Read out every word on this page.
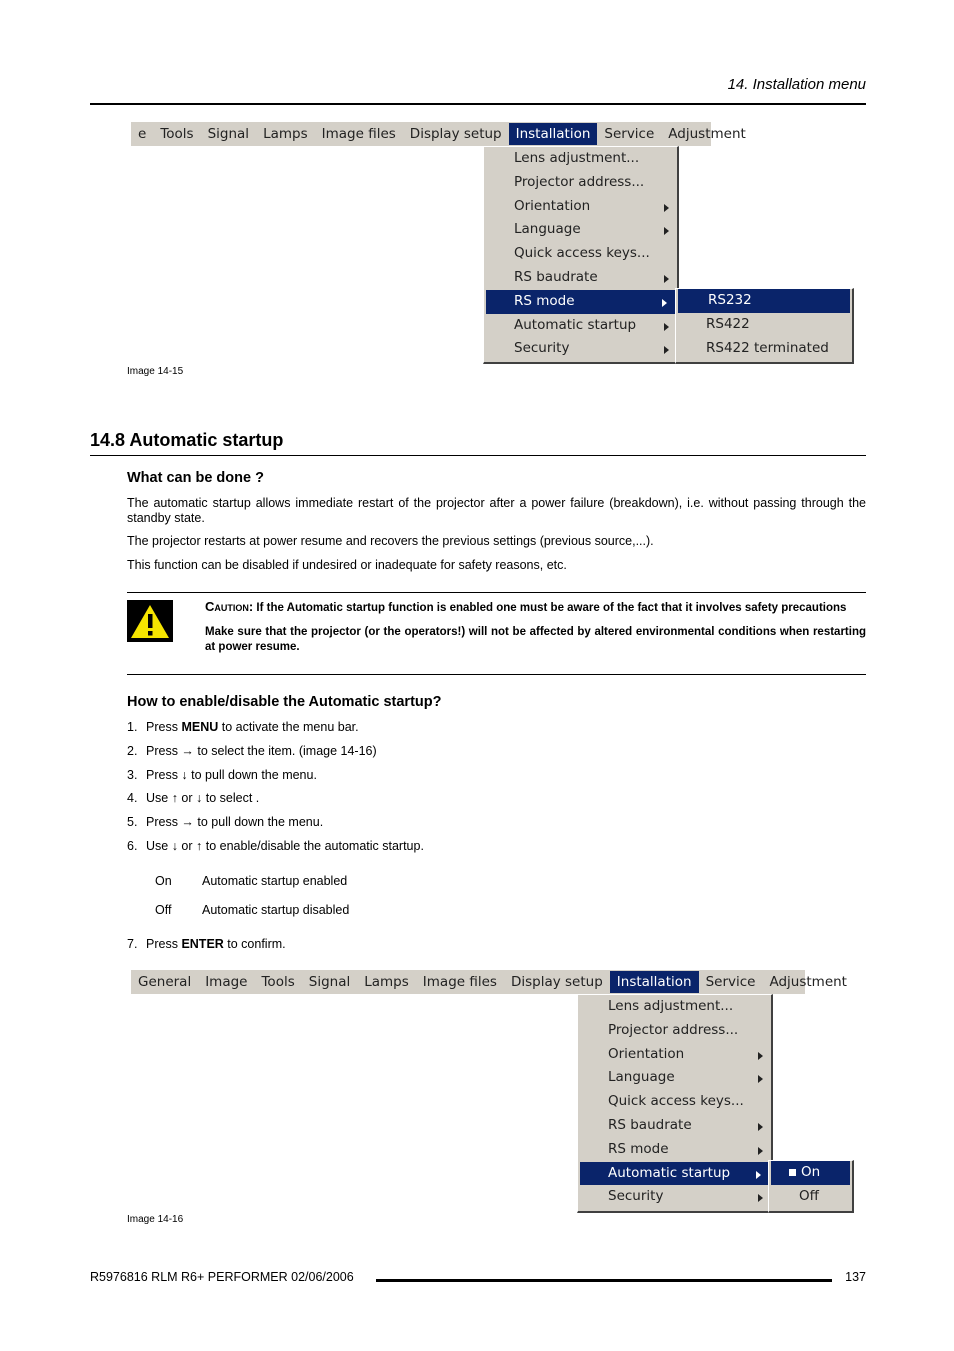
14. Installation menu
e	Tools	Signal	Lamps	Image files	Display setup	Installation	Service	Adjustment
Lens adjustment...
Projector address...
Orientation
Language
Quick access keys...
RS baudrate
RS mode
Automatic startup
Security
RS232
RS422
RS422 terminated
Image 14-15
14.8 Automatic startup
What can be done ?
The automatic startup allows immediate restart of the projector after a power failure (breakdown), i.e. without passing through the standby state.
The projector restarts at power resume and recovers the previous settings (previous source,...).
This function can be disabled if undesired or inadequate for safety reasons, etc.

Caution: If the Automatic startup function is enabled one must be aware of the fact that it involves safety precautions

Make sure that the projector (or the operators!) will not be affected by altered environmental conditions when restarting at power resume.

How to enable/disable the Automatic startup?
1. Press MENU to activate the menu bar.
2. Press → to select the item. (image 14-16)
3. Press ↓ to pull down the menu.
4. Use ↑ or ↓ to select .
5. Press → to pull down the menu.
6. Use ↓ or ↑ to enable/disable the automatic startup.
On Automatic startup enabled
Off Automatic startup disabled
7. Press ENTER to confirm.
General	Image	Tools	Signal	Lamps	Image files	Display setup	Installation	Service	Adjustment
Lens adjustment...
Projector address...
Orientation
Language
Quick access keys...
RS baudrate
RS mode
Automatic startup
Security
On
Off
Image 14-16
R5976816 RLM R6+ PERFORMER 02/06/2006	137
